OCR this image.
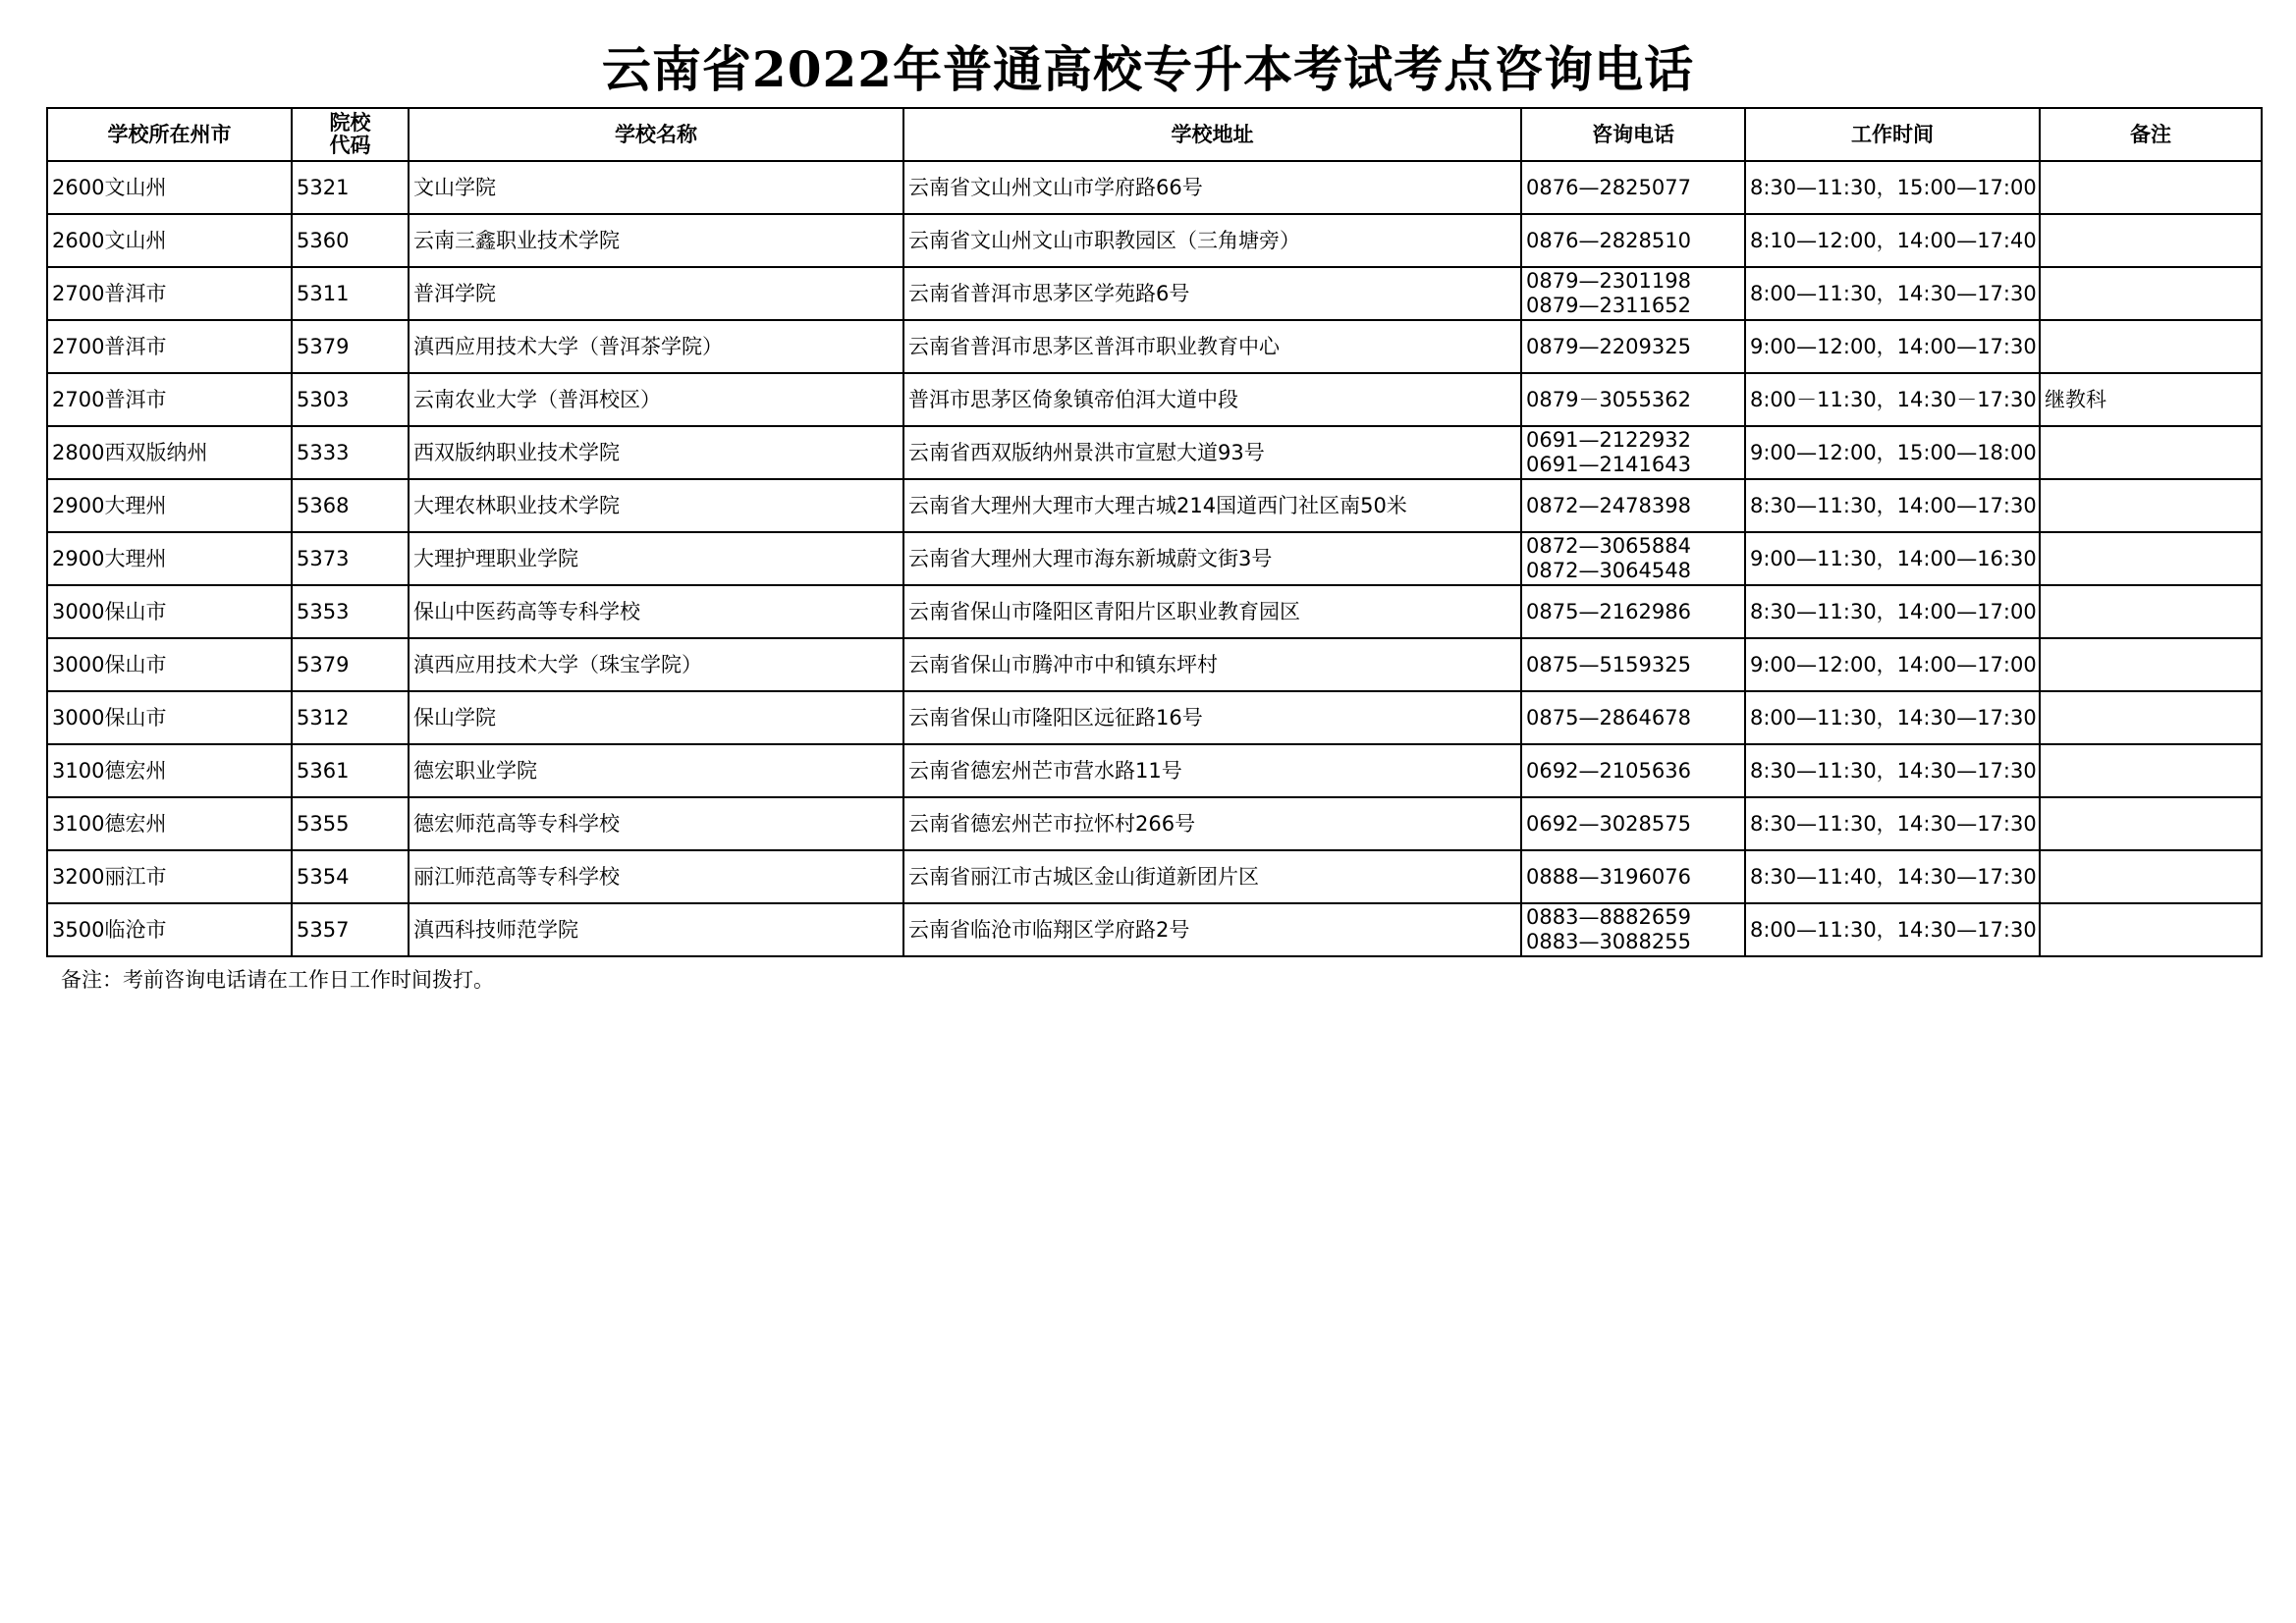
云南省2022年普通高校专升本考试考点咨询电话
学校所在州市	院校
代码	学校名称	学校地址	咨询电话	工作时间	备注
2600文山州	5321	文山学院	云南省文山州文山市学府路66号	0876—2825077	8:30—11:30，15:00—17:00	
2600文山州	5360	云南三鑫职业技术学院	云南省文山州文山市职教园区（三角塘旁）	0876—2828510	8:10—12:00，14:00—17:40	
2700普洱市	5311	普洱学院	云南省普洱市思茅区学苑路6号	0879—2301198
0879—2311652	8:00—11:30，14:30—17:30	
2700普洱市	5379	滇西应用技术大学（普洱茶学院）	云南省普洱市思茅区普洱市职业教育中心	0879—2209325	9:00—12:00，14:00—17:30	
2700普洱市	5303	云南农业大学（普洱校区）	普洱市思茅区倚象镇帝伯洱大道中段	0879－3055362	8:00－11:30，14:30－17:30	继教科
2800西双版纳州	5333	西双版纳职业技术学院	云南省西双版纳州景洪市宣慰大道93号	0691—2122932
0691—2141643	9:00—12:00，15:00—18:00	
2900大理州	5368	大理农林职业技术学院	云南省大理州大理市大理古城214国道西门社区南50米	0872—2478398	8:30—11:30，14:00—17:30	
2900大理州	5373	大理护理职业学院	云南省大理州大理市海东新城蔚文街3号	0872—3065884
0872—3064548	9:00—11:30，14:00—16:30	
3000保山市	5353	保山中医药高等专科学校	云南省保山市隆阳区青阳片区职业教育园区	0875—2162986	8:30—11:30，14:00—17:00	
3000保山市	5379	滇西应用技术大学（珠宝学院）	云南省保山市腾冲市中和镇东坪村	0875—5159325	9:00—12:00，14:00—17:00	
3000保山市	5312	保山学院	云南省保山市隆阳区远征路16号	0875—2864678	8:00—11:30，14:30—17:30	
3100德宏州	5361	德宏职业学院	云南省德宏州芒市营水路11号	0692—2105636	8:30—11:30，14:30—17:30	
3100德宏州	5355	德宏师范高等专科学校	云南省德宏州芒市拉怀村266号	0692—3028575	8:30—11:30，14:30—17:30	
3200丽江市	5354	丽江师范高等专科学校	云南省丽江市古城区金山街道新团片区	0888—3196076	8:30—11:40，14:30—17:30	
3500临沧市	5357	滇西科技师范学院	云南省临沧市临翔区学府路2号	0883—8882659
0883—3088255	8:00—11:30，14:30—17:30	
备注：考前咨询电话请在工作日工作时间拨打。
